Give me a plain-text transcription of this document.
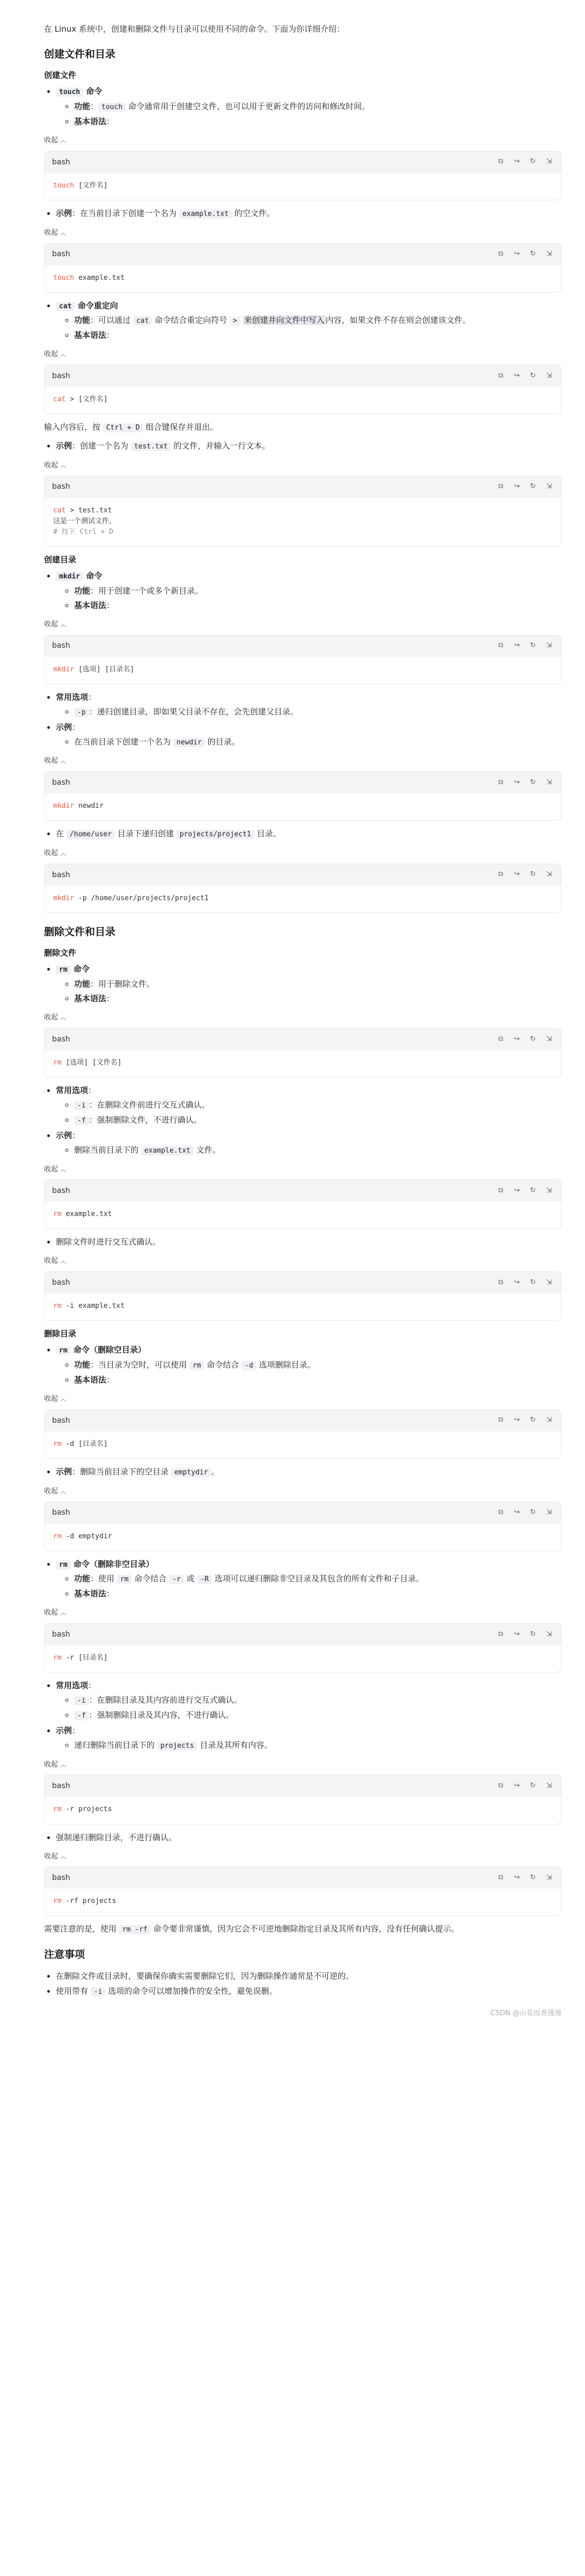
在 Linux 系统中，创建和删除文件与目录可以使用不同的命令。下面为你详细介绍：

创建文件和目录
创建文件
• touch 命令
◦ 功能： touch 命令通常用于创建空文件，也可以用于更新文件的访问和修改时间。
◦ 基本语法：
收起 ︿
bash	⧉ ↪ ↻ ⇲
touch [文件名]
• 示例：在当前目录下创建一个名为 example.txt 的空文件。
收起 ︿
bash	⧉ ↪ ↻ ⇲
touch example.txt
• cat 命令重定向
◦ 功能：可以通过 cat 命令结合重定向符号 > 来创建并向文件中写入 内容，如果文件不存在则会创建该文件。
◦ 基本语法：
收起 ︿
bash	⧉ ↪ ↻ ⇲
cat > [文件名]

输入内容后，按 Ctrl + D 组合键保存并退出。

• 示例：创建一个名为 test.txt 的文件，并输入一行文本。
收起 ︿
bash	⧉ ↪ ↻ ⇲
cat > test.txt
这是一个测试文件。
# 按下 Ctrl + D
创建目录
• mkdir 命令
◦ 功能：用于创建一个或多个新目录。
◦ 基本语法：
收起 ︿
bash	⧉ ↪ ↻ ⇲
mkdir [选项] [目录名]
• 常用选项：
◦ -p ：递归创建目录，即如果父目录不存在，会先创建父目录。
• 示例：
◦ 在当前目录下创建一个名为 newdir 的目录。
收起 ︿
bash	⧉ ↪ ↻ ⇲
mkdir newdir
• 在 /home/user 目录下递归创建 projects/project1 目录。
收起 ︿
bash	⧉ ↪ ↻ ⇲
mkdir -p /home/user/projects/project1
删除文件和目录
删除文件
• rm 命令
◦ 功能：用于删除文件。
◦ 基本语法：
收起 ︿
bash	⧉ ↪ ↻ ⇲
rm [选项] [文件名]
• 常用选项：
◦ -i ：在删除文件前进行交互式确认。
◦ -f ：强制删除文件，不进行确认。
• 示例：
◦ 删除当前目录下的 example.txt 文件。
收起 ︿
bash	⧉ ↪ ↻ ⇲
rm example.txt
• 删除文件时进行交互式确认。
收起 ︿
bash	⧉ ↪ ↻ ⇲
rm -i example.txt
删除目录
• rm 命令（删除空目录）
◦ 功能：当目录为空时，可以使用 rm 命令结合 -d 选项删除目录。
◦ 基本语法：
收起 ︿
bash	⧉ ↪ ↻ ⇲
rm -d [目录名]
• 示例：删除当前目录下的空目录 emptydir 。
收起 ︿
bash	⧉ ↪ ↻ ⇲
rm -d emptydir
• rm 命令（删除非空目录）
◦ 功能：使用 rm 命令结合 -r 或 -R 选项可以递归删除非空目录及其包含的所有文件和子目录。
◦ 基本语法：
收起 ︿
bash	⧉ ↪ ↻ ⇲
rm -r [目录名]
• 常用选项：
◦ -i ：在删除目录及其内容前进行交互式确认。
◦ -f ：强制删除目录及其内容，不进行确认。
• 示例：
◦ 递归删除当前目录下的 projects 目录及其所有内容。
收起 ︿
bash	⧉ ↪ ↻ ⇲
rm -r projects
• 强制递归删除目录，不进行确认。
收起 ︿
bash	⧉ ↪ ↻ ⇲
rm -rf projects

需要注意的是，使用 rm -rf 命令要非常谨慎，因为它会不可逆地删除指定目录及其所有内容，没有任何确认提示。

注意事项
• 在删除文件或目录时，要确保你确实需要删除它们，因为删除操作通常是不可逆的。
• 使用带有 -i 选项的命令可以增加操作的安全性，避免误删。
CSDN @山花而香漫漫
